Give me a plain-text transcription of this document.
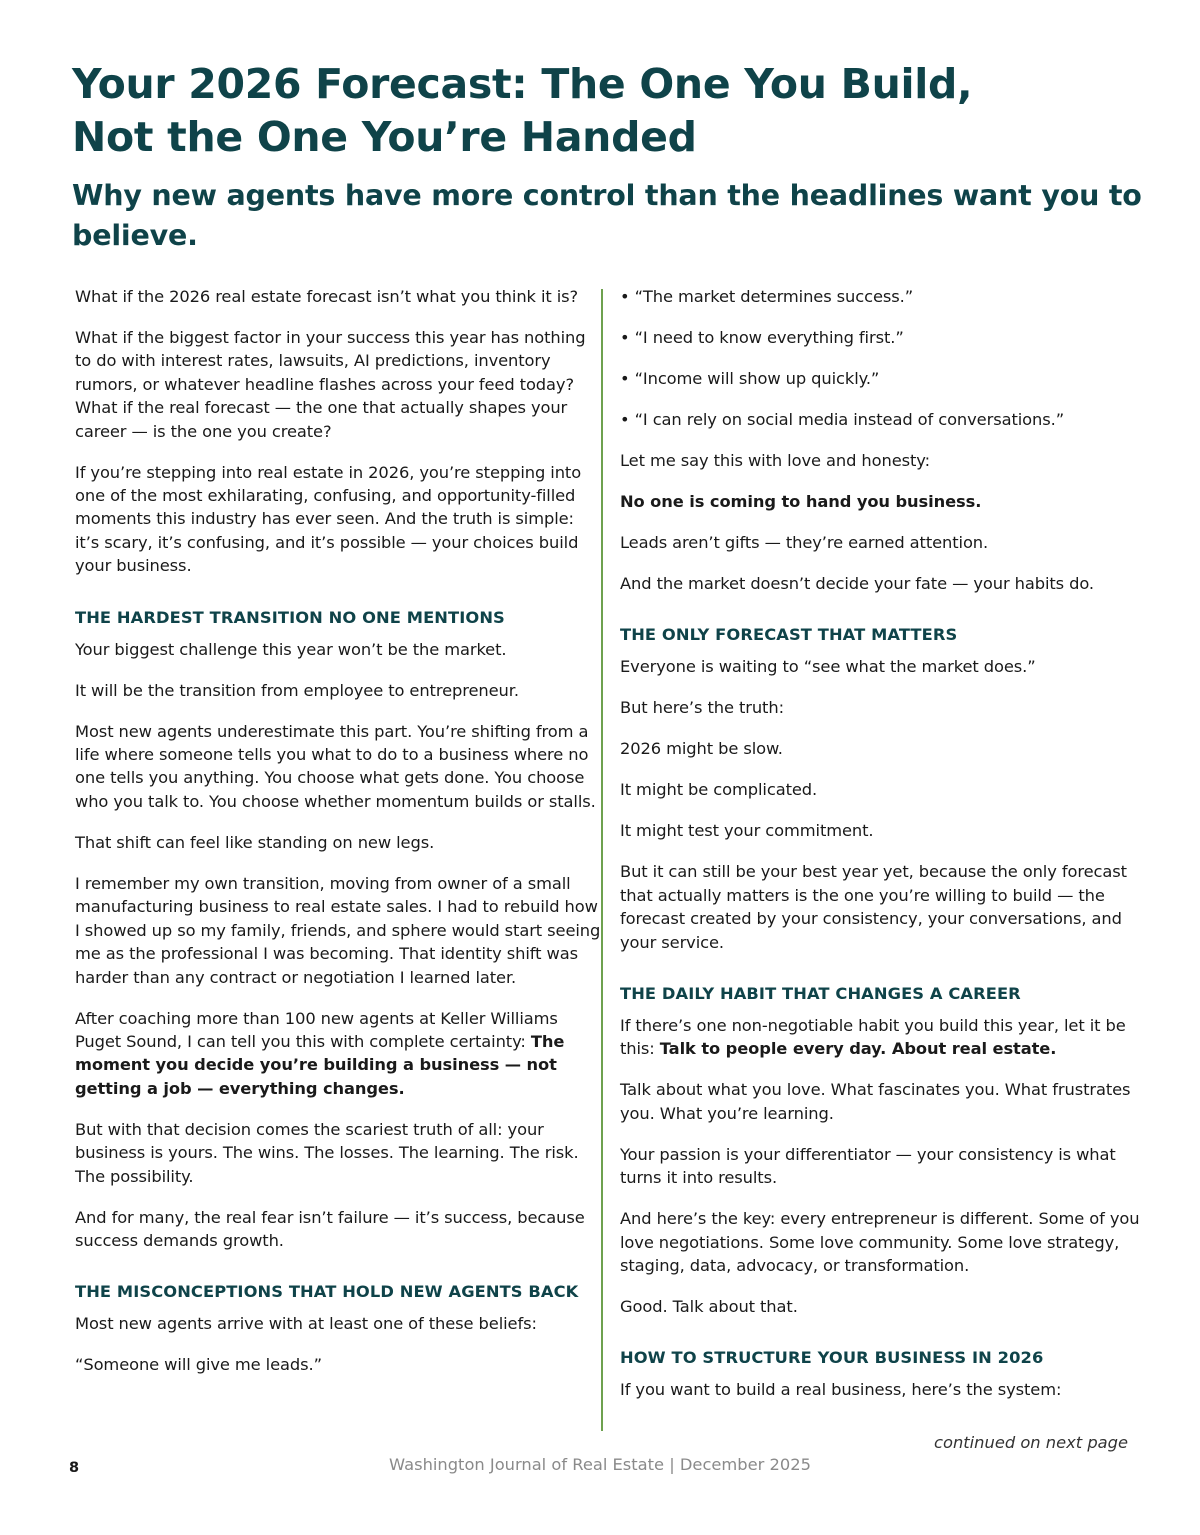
Your 2026 Forecast: The One You Build,
Not the One You’re Handed
Why new agents have more control than the headlines want you to believe.

What if the 2026 real estate forecast isn’t what you think it is?

What if the biggest factor in your success this year has nothing to do with interest rates, lawsuits, AI predictions, inventory rumors, or whatever headline flashes across your feed today? What if the real forecast — the one that actually shapes your career — is the one you create?

If you’re stepping into real estate in 2026, you’re stepping into one of the most exhilarating, confusing, and opportunity-filled moments this industry has ever seen. And the truth is simple: it’s scary, it’s confusing, and it’s possible — your choices build your business.

THE HARDEST TRANSITION NO ONE MENTIONS

Your biggest challenge this year won’t be the market.

It will be the transition from employee to entrepreneur.

Most new agents underestimate this part. You’re shifting from a life where someone tells you what to do to a business where no one tells you anything. You choose what gets done. You choose who you talk to. You choose whether momentum builds or stalls.

That shift can feel like standing on new legs.

I remember my own transition, moving from owner of a small manufacturing business to real estate sales. I had to rebuild how I showed up so my family, friends, and sphere would start seeing me as the professional I was becoming. That identity shift was harder than any contract or negotiation I learned later.

After coaching more than 100 new agents at Keller Williams Puget Sound, I can tell you this with complete certainty: The moment you decide you’re building a business — not getting a job — everything changes.

But with that decision comes the scariest truth of all: your business is yours. The wins. The losses. The learning. The risk. The possibility.

And for many, the real fear isn’t failure — it’s success, because success demands growth.

THE MISCONCEPTIONS THAT HOLD NEW AGENTS BACK

Most new agents arrive with at least one of these beliefs:

“Someone will give me leads.”

• “The market determines success.”

• “I need to know everything first.”

• “Income will show up quickly.”

• “I can rely on social media instead of conversations.”

Let me say this with love and honesty:

No one is coming to hand you business.

Leads aren’t gifts — they’re earned attention.

And the market doesn’t decide your fate — your habits do.

THE ONLY FORECAST THAT MATTERS

Everyone is waiting to “see what the market does.”

But here’s the truth:

2026 might be slow.

It might be complicated.

It might test your commitment.

But it can still be your best year yet, because the only forecast that actually matters is the one you’re willing to build — the forecast created by your consistency, your conversations, and your service.

THE DAILY HABIT THAT CHANGES A CAREER

If there’s one non-negotiable habit you build this year, let it be this: Talk to people every day. About real estate.

Talk about what you love. What fascinates you. What frustrates you. What you’re learning.

Your passion is your differentiator — your consistency is what turns it into results.

And here’s the key: every entrepreneur is different. Some of you love negotiations. Some love community. Some love strategy, staging, data, advocacy, or transformation.

Good. Talk about that.

HOW TO STRUCTURE YOUR BUSINESS IN 2026

If you want to build a real business, here’s the system:

continued on next page
8	Washington Journal of Real Estate | December 2025
